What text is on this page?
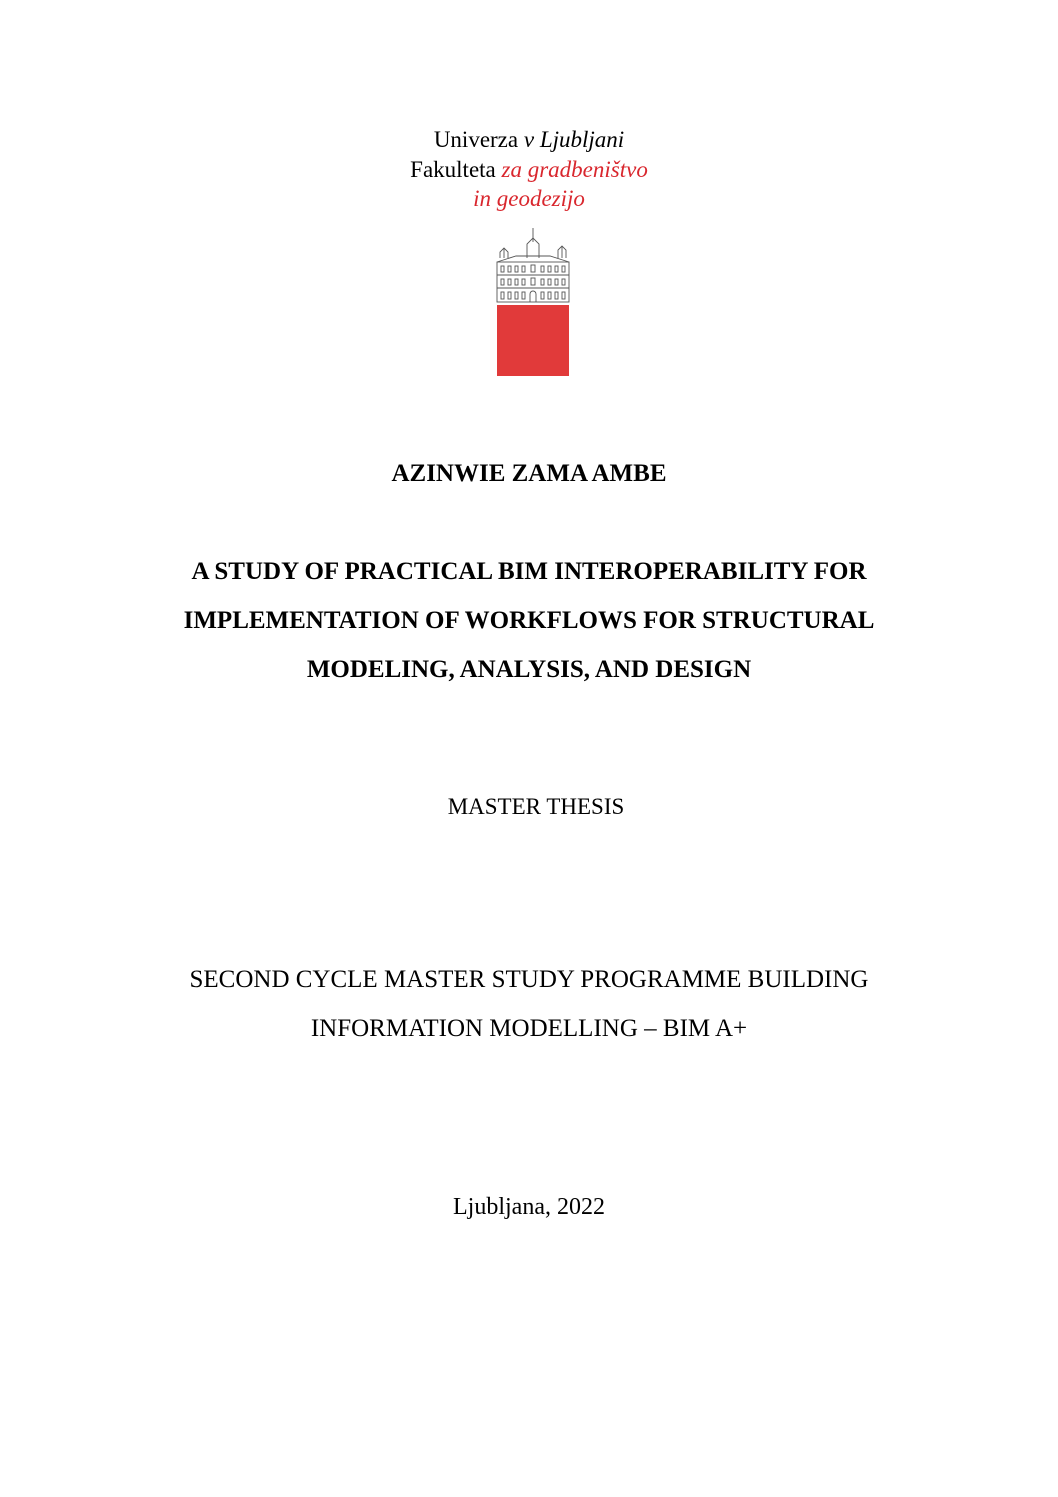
Univerza v Ljubljani
Fakulteta za gradbeništvo
in geodezijo
AZINWIE ZAMA AMBE
A STUDY OF PRACTICAL BIM INTEROPERABILITY FOR
IMPLEMENTATION OF WORKFLOWS FOR STRUCTURAL
MODELING, ANALYSIS, AND DESIGN
MASTER THESIS
SECOND CYCLE MASTER STUDY PROGRAMME BUILDING
INFORMATION MODELLING – BIM A+
Ljubljana, 2022
